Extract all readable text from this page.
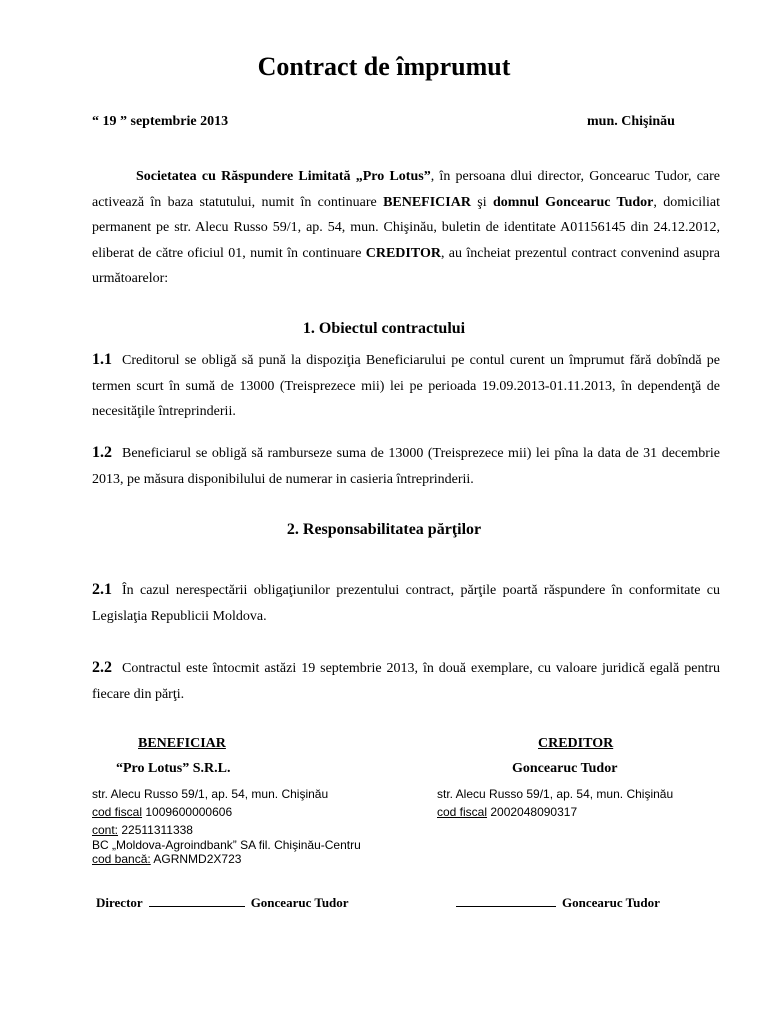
Contract de împrumut
“ 19 ” septembrie 2013	mun. Chişinău

Societatea cu Răspundere Limitată „Pro Lotus”, în persoana dlui director, Goncearuc Tudor, care activează în baza statutului, numit în continuare BENEFICIAR şi domnul Goncearuc Tudor, domiciliat permanent pe str. Alecu Russo 59/1, ap. 54, mun. Chişinău, buletin de identitate A01156145 din 24.12.2012, eliberat de către oficiul 01, numit în continuare CREDITOR, au încheiat prezentul contract convenind asupra următoarelor:

1. Obiectul contractului

1.1 Creditorul se obligă să pună la dispoziţia Beneficiarului pe contul curent un împrumut fără dobîndă pe termen scurt în sumă de 13000 (Treisprezece mii) lei pe perioada 19.09.2013-01.11.2013, în dependenţă de necesităţile întreprinderii.

1.2 Beneficiarul se obligă să ramburseze suma de 13000 (Treisprezece mii) lei pîna la data de 31 decembrie 2013, pe măsura disponibilului de numerar in casieria întreprinderii.

2. Responsabilitatea părţilor

2.1 În cazul nerespectării obligaţiunilor prezentului contract, părţile poartă răspundere în conformitate cu Legislaţia Republicii Moldova.

2.2 Contractul este întocmit astăzi 19 septembrie 2013, în două exemplare, cu valoare juridică egală pentru fiecare din părţi.

BENEFICIAR
“Pro Lotus” S.R.L.
str. Alecu Russo 59/1, ap. 54, mun. Chişinău
cod fiscal 1009600000606
cont: 22511311338
BC „Moldova-Agroindbank” SA fil. Chişinău-Centru
cod bancă: AGRNMD2X723
CREDITOR
Goncearuc Tudor
str. Alecu Russo 59/1, ap. 54, mun. Chişinău
cod fiscal 2002048090317
Director	Goncearuc Tudor	Goncearuc Tudor
